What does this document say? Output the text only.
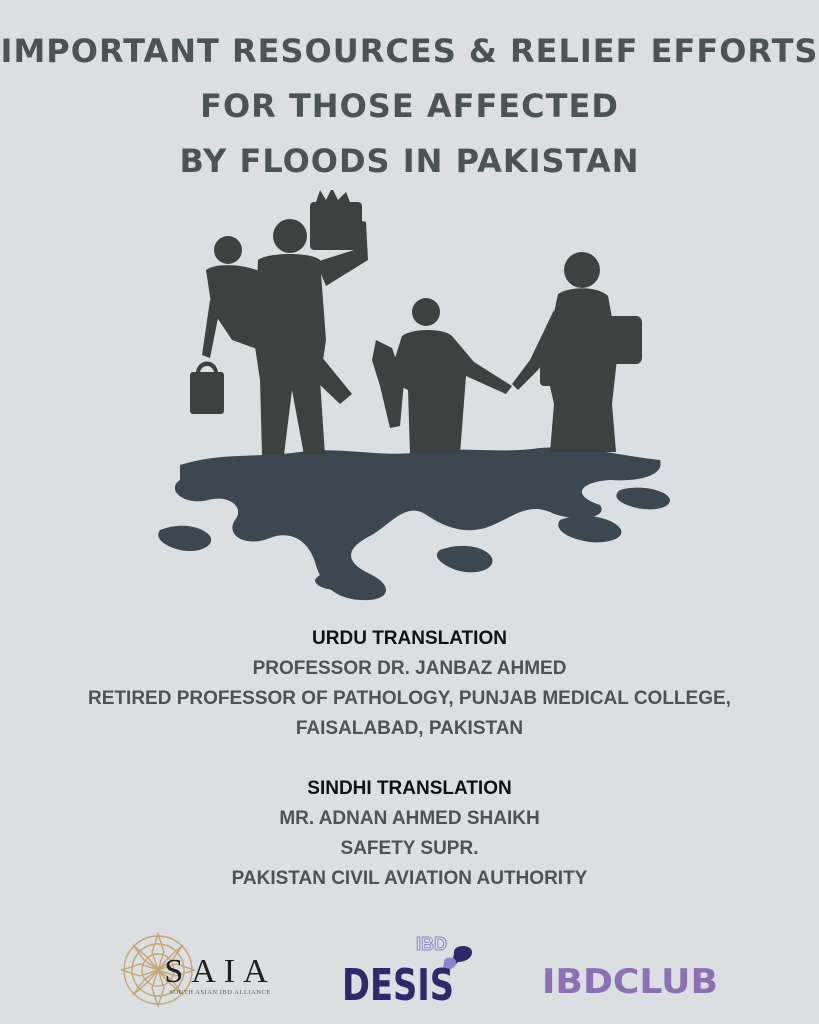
IMPORTANT RESOURCES & RELIEF EFFORTS
FOR THOSE AFFECTED
BY FLOODS IN PAKISTAN
URDU TRANSLATION
PROFESSOR DR. JANBAZ AHMED
RETIRED PROFESSOR OF PATHOLOGY, PUNJAB MEDICAL COLLEGE,
FAISALABAD, PAKISTAN
SINDHI TRANSLATION
MR. ADNAN AHMED SHAIKH
SAFETY SUPR.
PAKISTAN CIVIL AVIATION AUTHORITY
SAIA
SOUTH ASIAN IBD ALLIANCE
IBD
DESIS	IBDCLUB
